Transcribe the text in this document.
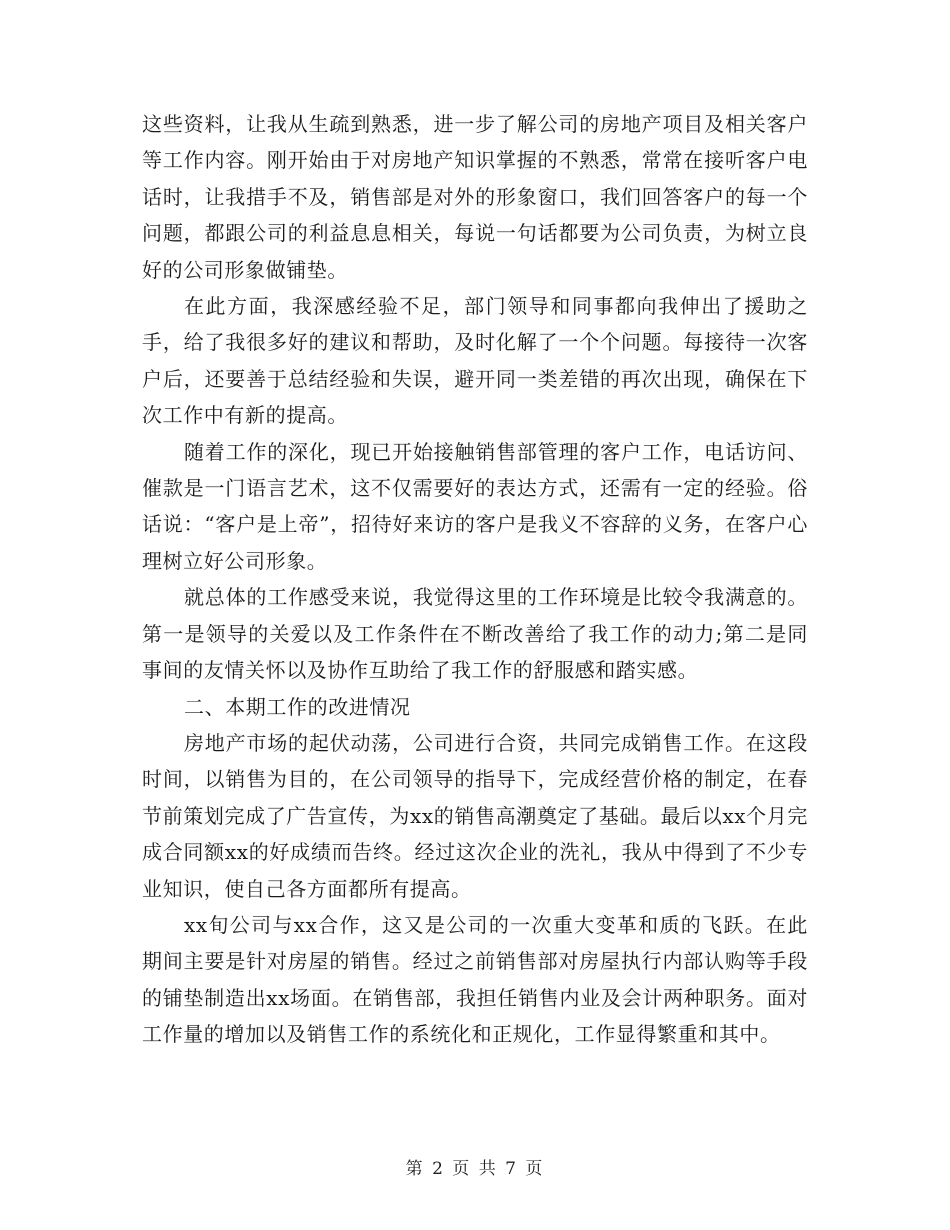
这些资料，让我从生疏到熟悉，进一步了解公司的房地产项目及相关客户等工作内容。刚开始由于对房地产知识掌握的不熟悉，常常在接听客户电话时，让我措手不及，销售部是对外的形象窗口，我们回答客户的每一个问题，都跟公司的利益息息相关，每说一句话都要为公司负责，为树立良好的公司形象做铺垫。

在此方面，我深感经验不足，部门领导和同事都向我伸出了援助之手，给了我很多好的建议和帮助，及时化解了一个个问题。每接待一次客户后，还要善于总结经验和失误，避开同一类差错的再次出现，确保在下次工作中有新的提高。

随着工作的深化，现已开始接触销售部管理的客户工作，电话访问、催款是一门语言艺术，这不仅需要好的表达方式，还需有一定的经验。俗话说：“客户是上帝”，招待好来访的客户是我义不容辞的义务，在客户心理树立好公司形象。

就总体的工作感受来说，我觉得这里的工作环境是比较令我满意的。第一是领导的关爱以及工作条件在不断改善给了我工作的动力;第二是同事间的友情关怀以及协作互助给了我工作的舒服感和踏实感。

二、本期工作的改进情况

房地产市场的起伏动荡，公司进行合资，共同完成销售工作。在这段时间，以销售为目的，在公司领导的指导下，完成经营价格的制定，在春节前策划完成了广告宣传，为xx的销售高潮奠定了基础。最后以xx个月完成合同额xx的好成绩而告终。经过这次企业的洗礼，我从中得到了不少专业知识，使自己各方面都所有提高。

xx旬公司与xx合作，这又是公司的一次重大变革和质的飞跃。在此期间主要是针对房屋的销售。经过之前销售部对房屋执行内部认购等手段的铺垫制造出xx场面。在销售部，我担任销售内业及会计两种职务。面对工作量的增加以及销售工作的系统化和正规化，工作显得繁重和其中。

第 2 页 共 7 页
